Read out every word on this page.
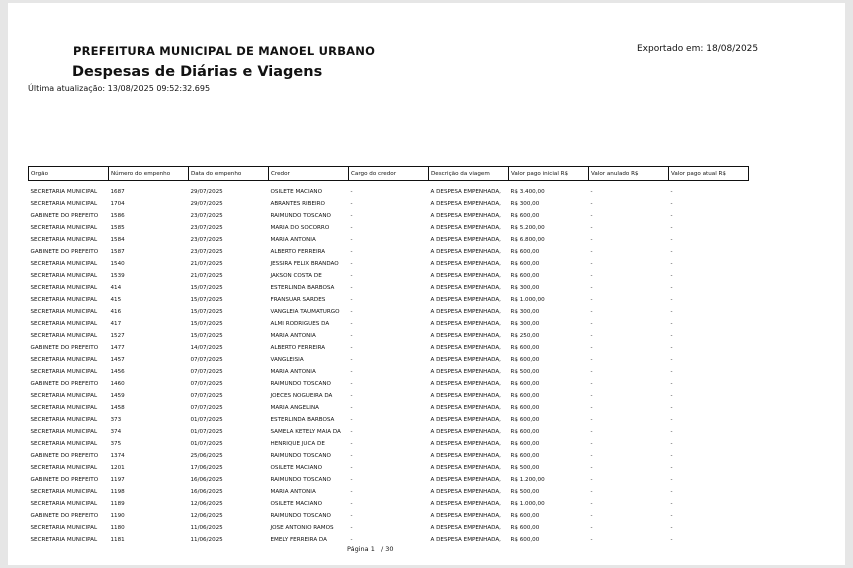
PREFEITURA MUNICIPAL DE MANOEL URBANO	Exportado em: 18/08/2025
Despesas de Diárias e Viagens
Última atualização: 13/08/2025 09:52:32.695
Orgão	Número do empenho	Data do empenho	Credor	Cargo do credor	Descrição da viagem	Valor pago inicial R$	Valor anulado R$	Valor pago atual R$

SECRETARIA MUNICIPAL	1687	29/07/2025	OSILETE MACIANO	-	A DESPESA EMPENHADA,	R$ 3.400,00	-	-
SECRETARIA MUNICIPAL	1704	29/07/2025	ABRANTES RIBEIRO	-	A DESPESA EMPENHADA,	R$ 300,00	-	-
GABINETE DO PREFEITO	1586	23/07/2025	RAIMUNDO TOSCANO	-	A DESPESA EMPENHADA,	R$ 600,00	-	-
SECRETARIA MUNICIPAL	1585	23/07/2025	MARIA DO SOCORRO	-	A DESPESA EMPENHADA,	R$ 5.200,00	-	-
SECRETARIA MUNICIPAL	1584	23/07/2025	MARIA ANTONIA	-	A DESPESA EMPENHADA,	R$ 6.800,00	-	-
GABINETE DO PREFEITO	1587	23/07/2025	ALBERTO FERREIRA	-	A DESPESA EMPENHADA,	R$ 600,00	-	-
SECRETARIA MUNICIPAL	1540	21/07/2025	JESSIRA FELIX BRANDAO	-	A DESPESA EMPENHADA,	R$ 600,00	-	-
SECRETARIA MUNICIPAL	1539	21/07/2025	JAKSON COSTA DE	-	A DESPESA EMPENHADA,	R$ 600,00	-	-
SECRETARIA MUNICIPAL	414	15/07/2025	ESTERLINDA BARBOSA	-	A DESPESA EMPENHADA,	R$ 300,00	-	-
SECRETARIA MUNICIPAL	415	15/07/2025	FRANSUAR SARDES	-	A DESPESA EMPENHADA,	R$ 1.000,00	-	-
SECRETARIA MUNICIPAL	416	15/07/2025	VANGLEIA TAUMATURGO	-	A DESPESA EMPENHADA,	R$ 300,00	-	-
SECRETARIA MUNICIPAL	417	15/07/2025	ALMI RODRIGUES DA	-	A DESPESA EMPENHADA,	R$ 300,00	-	-
SECRETARIA MUNICIPAL	1527	15/07/2025	MARIA ANTONIA	-	A DESPESA EMPENHADA,	R$ 250,00	-	-
GABINETE DO PREFEITO	1477	14/07/2025	ALBERTO FERREIRA	-	A DESPESA EMPENHADA,	R$ 600,00	-	-
SECRETARIA MUNICIPAL	1457	07/07/2025	VANGLEISIA	-	A DESPESA EMPENHADA,	R$ 600,00	-	-
SECRETARIA MUNICIPAL	1456	07/07/2025	MARIA ANTONIA	-	A DESPESA EMPENHADA,	R$ 500,00	-	-
GABINETE DO PREFEITO	1460	07/07/2025	RAIMUNDO TOSCANO	-	A DESPESA EMPENHADA,	R$ 600,00	-	-
SECRETARIA MUNICIPAL	1459	07/07/2025	JOECES NOGUEIRA DA	-	A DESPESA EMPENHADA,	R$ 600,00	-	-
SECRETARIA MUNICIPAL	1458	07/07/2025	MARIA ANGELINA	-	A DESPESA EMPENHADA,	R$ 600,00	-	-
SECRETARIA MUNICIPAL	373	01/07/2025	ESTERLINDA BARBOSA	-	A DESPESA EMPENHADA,	R$ 600,00	-	-
SECRETARIA MUNICIPAL	374	01/07/2025	SAMELA KETELY MAIA DA	-	A DESPESA EMPENHADA,	R$ 600,00	-	-
SECRETARIA MUNICIPAL	375	01/07/2025	HENRIQUE JUCA DE	-	A DESPESA EMPENHADA,	R$ 600,00	-	-
GABINETE DO PREFEITO	1374	25/06/2025	RAIMUNDO TOSCANO	-	A DESPESA EMPENHADA,	R$ 600,00	-	-
SECRETARIA MUNICIPAL	1201	17/06/2025	OSILETE MACIANO	-	A DESPESA EMPENHADA,	R$ 500,00	-	-
GABINETE DO PREFEITO	1197	16/06/2025	RAIMUNDO TOSCANO	-	A DESPESA EMPENHADA,	R$ 1.200,00	-	-
SECRETARIA MUNICIPAL	1198	16/06/2025	MARIA ANTONIA	-	A DESPESA EMPENHADA,	R$ 500,00	-	-
SECRETARIA MUNICIPAL	1189	12/06/2025	OSILETE MACIANO	-	A DESPESA EMPENHADA,	R$ 1.000,00	-	-
GABINETE DO PREFEITO	1190	12/06/2025	RAIMUNDO TOSCANO	-	A DESPESA EMPENHADA,	R$ 600,00	-	-
SECRETARIA MUNICIPAL	1180	11/06/2025	JOSE ANTONIO RAMOS	-	A DESPESA EMPENHADA,	R$ 600,00	-	-
SECRETARIA MUNICIPAL	1181	11/06/2025	EMELY FERREIRA DA	-	A DESPESA EMPENHADA,	R$ 600,00	-	-
Página 1 / 30
